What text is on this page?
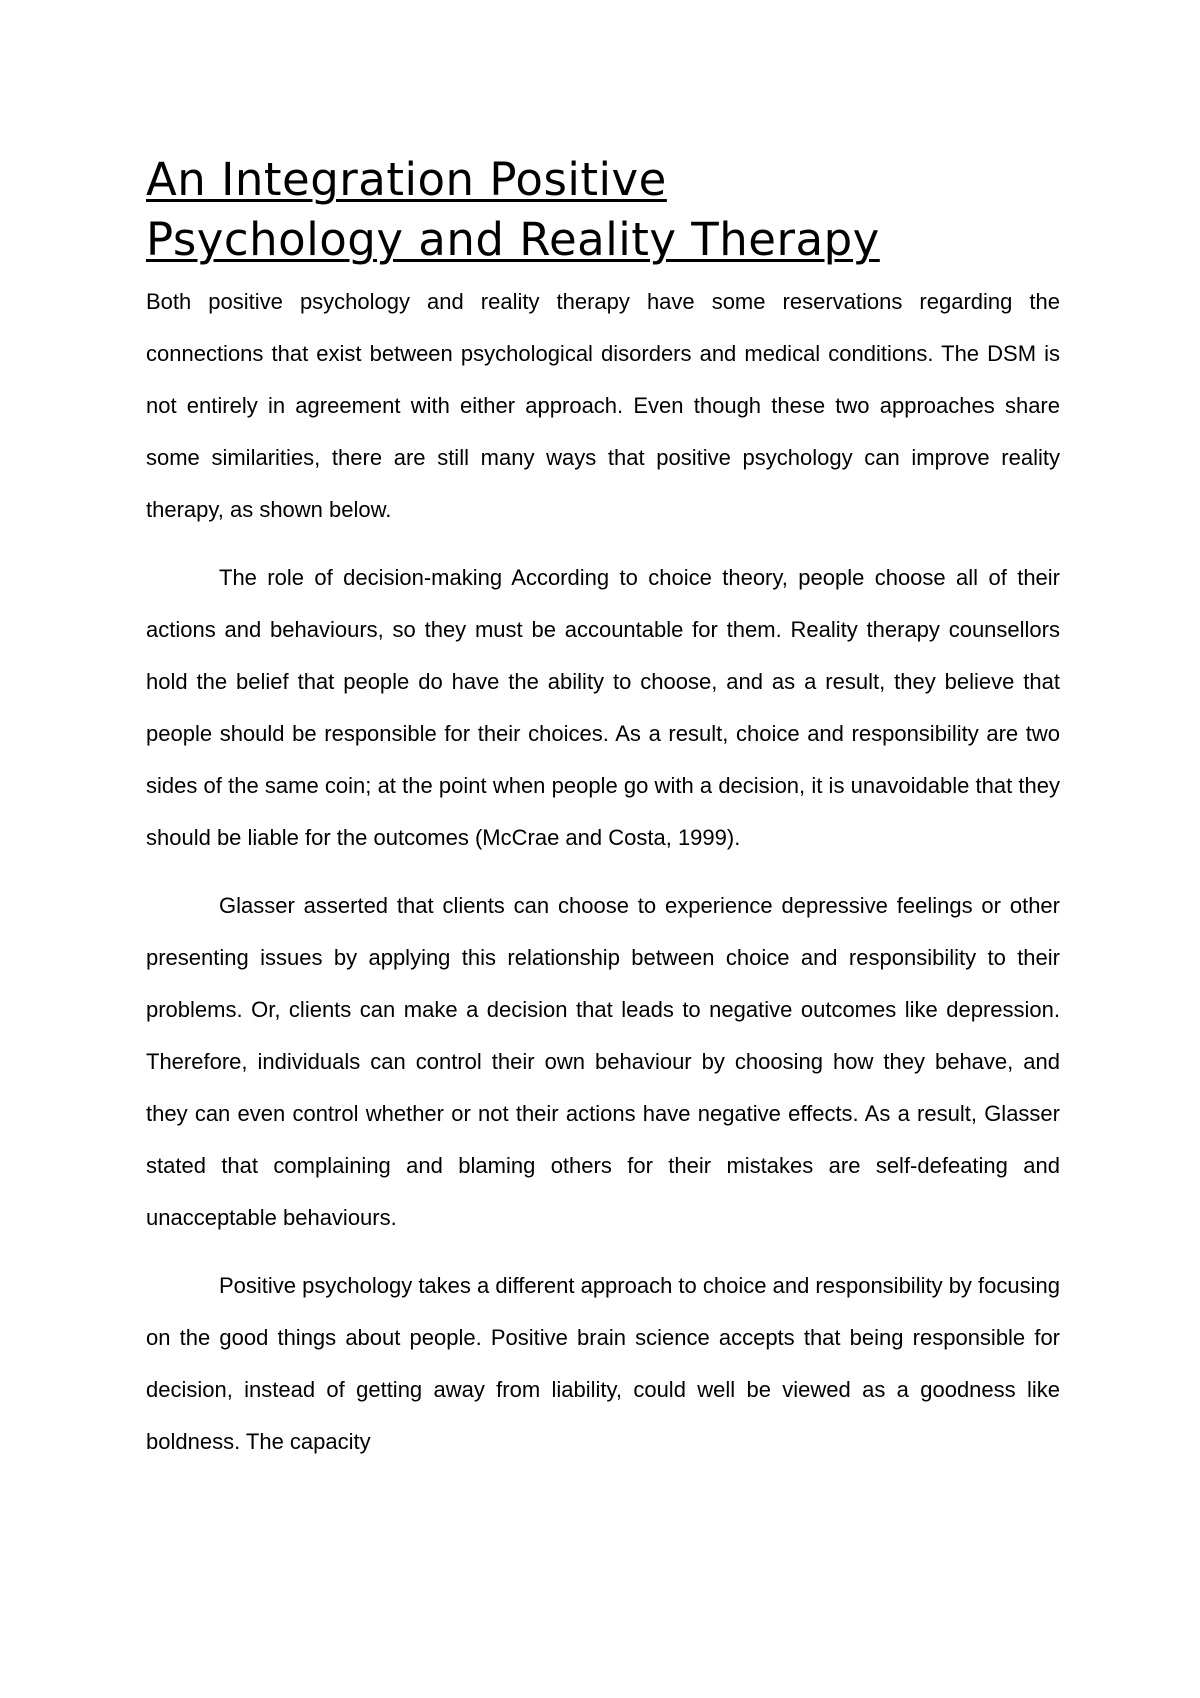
An Integration Positive
Psychology and Reality Therapy

Both positive psychology and reality therapy have some reservations regarding the connections that exist between psychological disorders and medical conditions. The DSM is not entirely in agreement with either approach. Even though these two approaches share some similarities, there are still many ways that positive psychology can improve reality therapy, as shown below.

The role of decision-making According to choice theory, people choose all of their actions and behaviours, so they must be accountable for them. Reality therapy counsellors hold the belief that people do have the ability to choose, and as a result, they believe that people should be responsible for their choices. As a result, choice and responsibility are two sides of the same coin; at the point when people go with a decision, it is unavoidable that they should be liable for the outcomes (McCrae and Costa, 1999).

Glasser asserted that clients can choose to experience depressive feelings or other presenting issues by applying this relationship between choice and responsibility to their problems. Or, clients can make a decision that leads to negative outcomes like depression. Therefore, individuals can control their own behaviour by choosing how they behave, and they can even control whether or not their actions have negative effects. As a result, Glasser stated that complaining and blaming others for their mistakes are self-defeating and unacceptable behaviours.

Positive psychology takes a different approach to choice and responsibility by focusing on the good things about people. Positive brain science accepts that being responsible for decision, instead of getting away from liability, could well be viewed as a goodness like boldness. The capacity
